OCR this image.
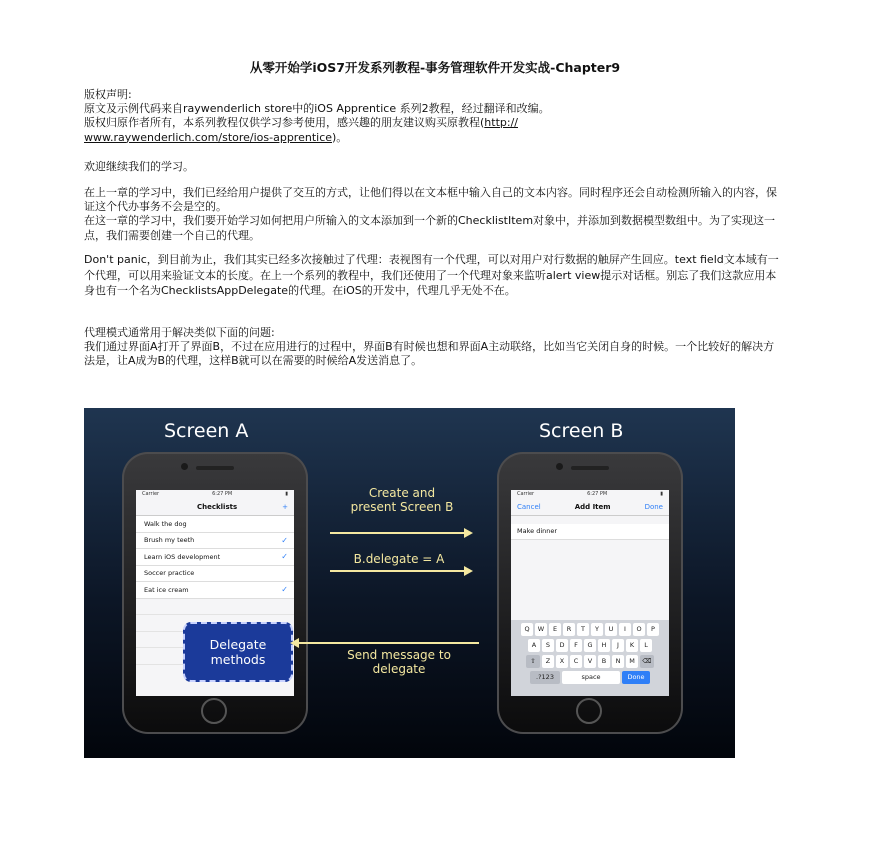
从零开始学iOS7开发系列教程-事务管理软件开发实战-Chapter9

版权声明:

原文及示例代码来自raywenderlich store中的iOS Apprentice 系列2教程，经过翻译和改编。

版权归原作者所有，本系列教程仅供学习参考使用，感兴趣的朋友建议购买原教程(http://
www.raywenderlich.com/store/ios-apprentice)。

欢迎继续我们的学习。

在上一章的学习中，我们已经给用户提供了交互的方式，让他们得以在文本框中输入自己的文本内容。同时程序还会自动检测所输入的内容，保证这个代办事务不会是空的。

在这一章的学习中，我们要开始学习如何把用户所输入的文本添加到一个新的ChecklistItem对象中，并添加到数据模型数组中。为了实现这一点，我们需要创建一个自己的代理。

Don't panic，到目前为止，我们其实已经多次接触过了代理：表视图有一个代理，可以对用户对行数据的触屏产生回应。text field文本域有一个代理，可以用来验证文本的长度。在上一个系列的教程中，我们还使用了一个代理对象来监听alert view提示对话框。别忘了我们这款应用本身也有一个名为ChecklistsAppDelegate的代理。在iOS的开发中，代理几乎无处不在。

代理模式通常用于解决类似下面的问题:

我们通过界面A打开了界面B，不过在应用进行的过程中，界面B有时候也想和界面A主动联络，比如当它关闭自身的时候。一个比较好的解决方法是，让A成为B的代理，这样B就可以在需要的时候给A发送消息了。

Screen A	Screen B
Carrier	6:27 PM	▮
Checklists	+
Walk the dog
Brush my teeth	✓
Learn iOS development	✓
Soccer practice
Eat ice cream	✓
Carrier	6:27 PM	▮
Cancel	Add Item	Done
Make dinner
Q	W	E	R	T	Y	U	I	O	P
A	S	D	F	G	H	J	K	L
⇧	Z	X	C	V	B	N	M	⌫
.?123	space	Done
Delegate methods
Create and present Screen B
B.delegate = A
Send message to delegate
